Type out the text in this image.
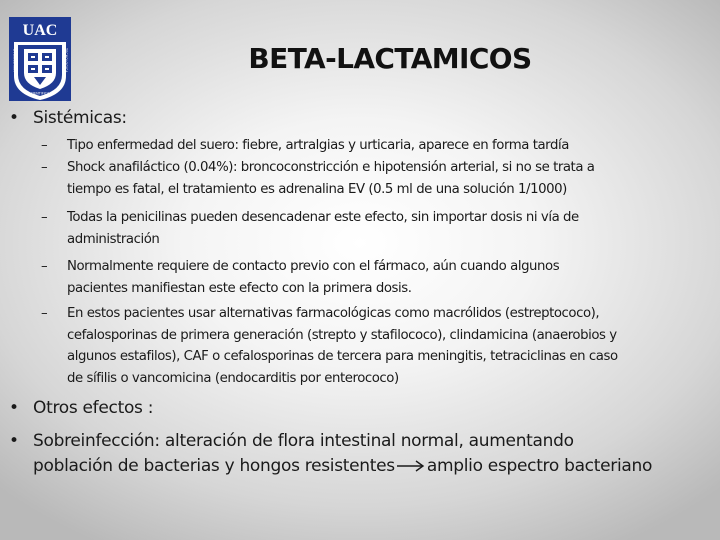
UAC
UNIVERSIDAD	TECNOLOGICA
CIENTIFICA
BETA-LACTAMICOS
• Sistémicas:
– Tipo enfermedad del suero: fiebre, artralgias y urticaria, aparece en forma tardía
– Shock anafiláctico (0.04%): broncoconstricción e hipotensión arterial, si no se trata a
tiempo es fatal, el tratamiento es adrenalina EV (0.5 ml de una solución 1/1000)
– Todas la penicilinas pueden desencadenar este efecto, sin importar dosis ni vía de
administración
– Normalmente requiere de contacto previo con el fármaco, aún cuando algunos
pacientes manifiestan este efecto con la primera dosis.
– En estos pacientes usar alternativas farmacológicas como macrólidos (estreptococo),
cefalosporinas de primera generación (strepto y stafilococo), clindamicina (anaerobios y
algunos estafilos), CAF o cefalosporinas de tercera para meningitis, tetraciclinas en caso
de sífilis o vancomicina (endocarditis por enterococo)
• Otros efectos :
• Sobreinfección: alteración de flora intestinal normal, aumentando
población de bacterias y hongos resistentes amplio espectro bacteriano
